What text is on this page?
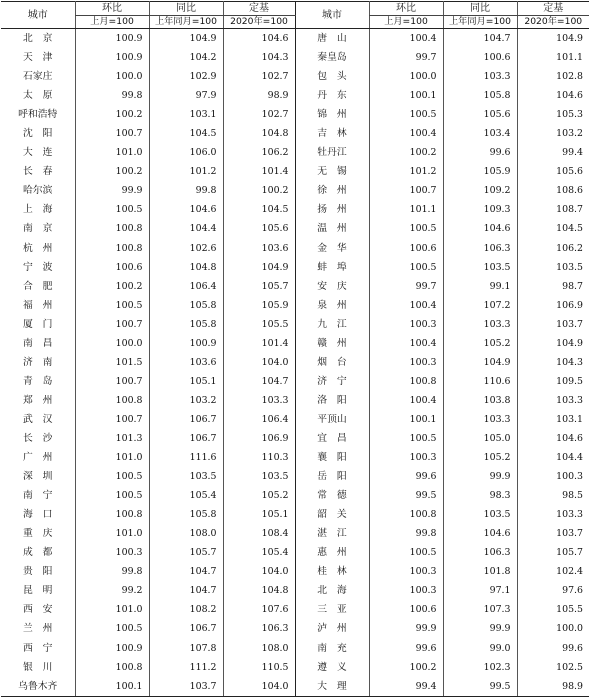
城市	环比	同比	定基	城市	环比	同比	定基
	上月=100	上年同月=100	2020年=100		上月=100	上年同月=100	2020年=100
北　京	100.9	104.9	104.6	唐　山	100.4	104.7	104.9
天　津	100.9	104.2	104.3	秦皇岛	99.7	100.6	101.1
石家庄	100.0	102.9	102.7	包　头	100.0	103.3	102.8
太　原	99.8	97.9	98.9	丹　东	100.1	105.8	104.6
呼和浩特	100.2	103.1	102.7	锦　州	100.5	105.6	105.3
沈　阳	100.7	104.5	104.8	吉　林	100.4	103.4	103.2
大　连	101.0	106.0	106.2	牡丹江	100.2	99.6	99.4
长　春	100.2	101.2	101.4	无　锡	101.2	105.9	105.6
哈尔滨	99.9	99.8	100.2	徐　州	100.7	109.2	108.6
上　海	100.5	104.6	104.5	扬　州	101.1	109.3	108.7
南　京	100.8	104.4	105.6	温　州	100.5	104.6	104.5
杭　州	100.8	102.6	103.6	金　华	100.6	106.3	106.2
宁　波	100.6	104.8	104.9	蚌　埠	100.5	103.5	103.5
合　肥	100.2	106.4	105.7	安　庆	99.7	99.1	98.7
福　州	100.5	105.8	105.9	泉　州	100.4	107.2	106.9
厦　门	100.7	105.8	105.5	九　江	100.3	103.3	103.7
南　昌	100.0	100.9	101.4	赣　州	100.4	105.2	104.9
济　南	101.5	103.6	104.0	烟　台	100.3	104.9	104.3
青　岛	100.7	105.1	104.7	济　宁	100.8	110.6	109.5
郑　州	100.8	103.2	103.3	洛　阳	100.4	103.8	103.3
武　汉	100.7	106.7	106.4	平顶山	100.1	103.3	103.1
长　沙	101.3	106.7	106.9	宜　昌	100.5	105.0	104.6
广　州	101.0	111.6	110.3	襄　阳	100.3	105.2	104.4
深　圳	100.5	103.5	103.5	岳　阳	99.6	99.9	100.3
南　宁	100.5	105.4	105.2	常　德	99.5	98.3	98.5
海　口	100.8	105.8	105.1	韶　关	100.8	103.5	103.3
重　庆	101.0	108.0	108.4	湛　江	99.8	104.6	103.7
成　都	100.3	105.7	105.4	惠　州	100.5	106.3	105.7
贵　阳	99.8	104.7	104.0	桂　林	100.3	101.8	102.4
昆　明	99.2	104.7	104.8	北　海	100.3	97.1	97.6
西　安	101.0	108.2	107.6	三　亚	100.6	107.3	105.5
兰　州	100.5	106.7	106.3	泸　州	99.9	99.9	100.0
西　宁	100.9	107.8	108.0	南　充	99.6	99.0	99.6
银　川	100.8	111.2	110.5	遵　义	100.2	102.3	102.5
乌鲁木齐	100.1	103.7	104.0	大　理	99.4	99.5	98.9
